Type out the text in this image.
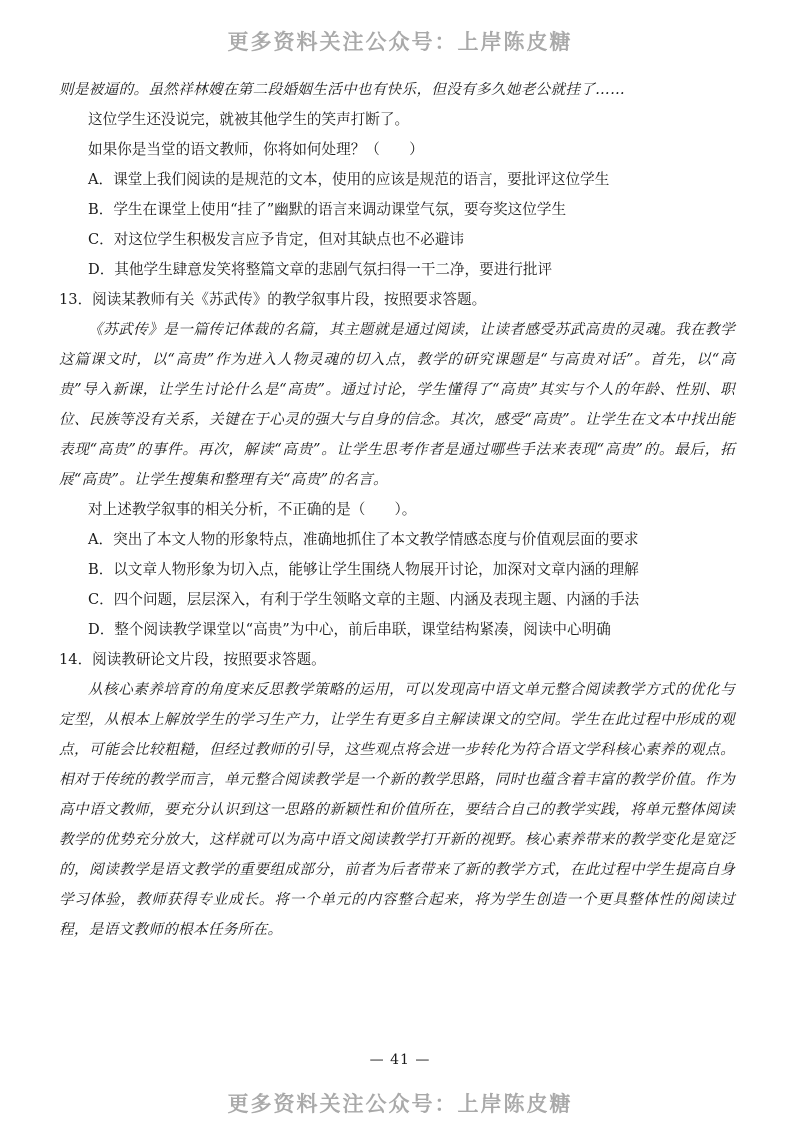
更多资料关注公众号：上岸陈皮糖

则是被逼的。虽然祥林嫂在第二段婚姻生活中也有快乐，但没有多久她老公就挂了……

这位学生还没说完，就被其他学生的笑声打断了。

如果你是当堂的语文教师，你将如何处理？（　　）

A．课堂上我们阅读的是规范的文本，使用的应该是规范的语言，要批评这位学生

B．学生在课堂上使用“挂了”幽默的语言来调动课堂气氛，要夸奖这位学生

C．对这位学生积极发言应予肯定，但对其缺点也不必避讳

D．其他学生肆意发笑将整篇文章的悲剧气氛扫得一干二净，要进行批评

13．阅读某教师有关《苏武传》的教学叙事片段，按照要求答题。

《苏武传》是一篇传记体裁的名篇，其主题就是通过阅读，让读者感受苏武高贵的灵魂。我在教学这篇课文时，以“高贵”作为进入人物灵魂的切入点，教学的研究课题是“与高贵对话”。首先，以“高贵”导入新课，让学生讨论什么是“高贵”。通过讨论，学生懂得了“高贵”其实与个人的年龄、性别、职位、民族等没有关系，关键在于心灵的强大与自身的信念。其次，感受“高贵”。让学生在文本中找出能表现“高贵”的事件。再次，解读“高贵”。让学生思考作者是通过哪些手法来表现“高贵”的。最后，拓展“高贵”。让学生搜集和整理有关“高贵”的名言。

对上述教学叙事的相关分析，不正确的是（　　）。

A．突出了本文人物的形象特点，准确地抓住了本文教学情感态度与价值观层面的要求

B．以文章人物形象为切入点，能够让学生围绕人物展开讨论，加深对文章内涵的理解

C．四个问题，层层深入，有利于学生领略文章的主题、内涵及表现主题、内涵的手法

D．整个阅读教学课堂以“高贵”为中心，前后串联，课堂结构紧凑，阅读中心明确

14．阅读教研论文片段，按照要求答题。

从核心素养培育的角度来反思教学策略的运用，可以发现高中语文单元整合阅读教学方式的优化与定型，从根本上解放学生的学习生产力，让学生有更多自主解读课文的空间。学生在此过程中形成的观点，可能会比较粗糙，但经过教师的引导，这些观点将会进一步转化为符合语文学科核心素养的观点。相对于传统的教学而言，单元整合阅读教学是一个新的教学思路，同时也蕴含着丰富的教学价值。作为高中语文教师，要充分认识到这一思路的新颖性和价值所在，要结合自己的教学实践，将单元整体阅读教学的优势充分放大，这样就可以为高中语文阅读教学打开新的视野。核心素养带来的教学变化是宽泛的，阅读教学是语文教学的重要组成部分，前者为后者带来了新的教学方式，在此过程中学生提高自身学习体验，教师获得专业成长。将一个单元的内容整合起来，将为学生创造一个更具整体性的阅读过程，是语文教师的根本任务所在。

— 41 —
更多资料关注公众号：上岸陈皮糖
